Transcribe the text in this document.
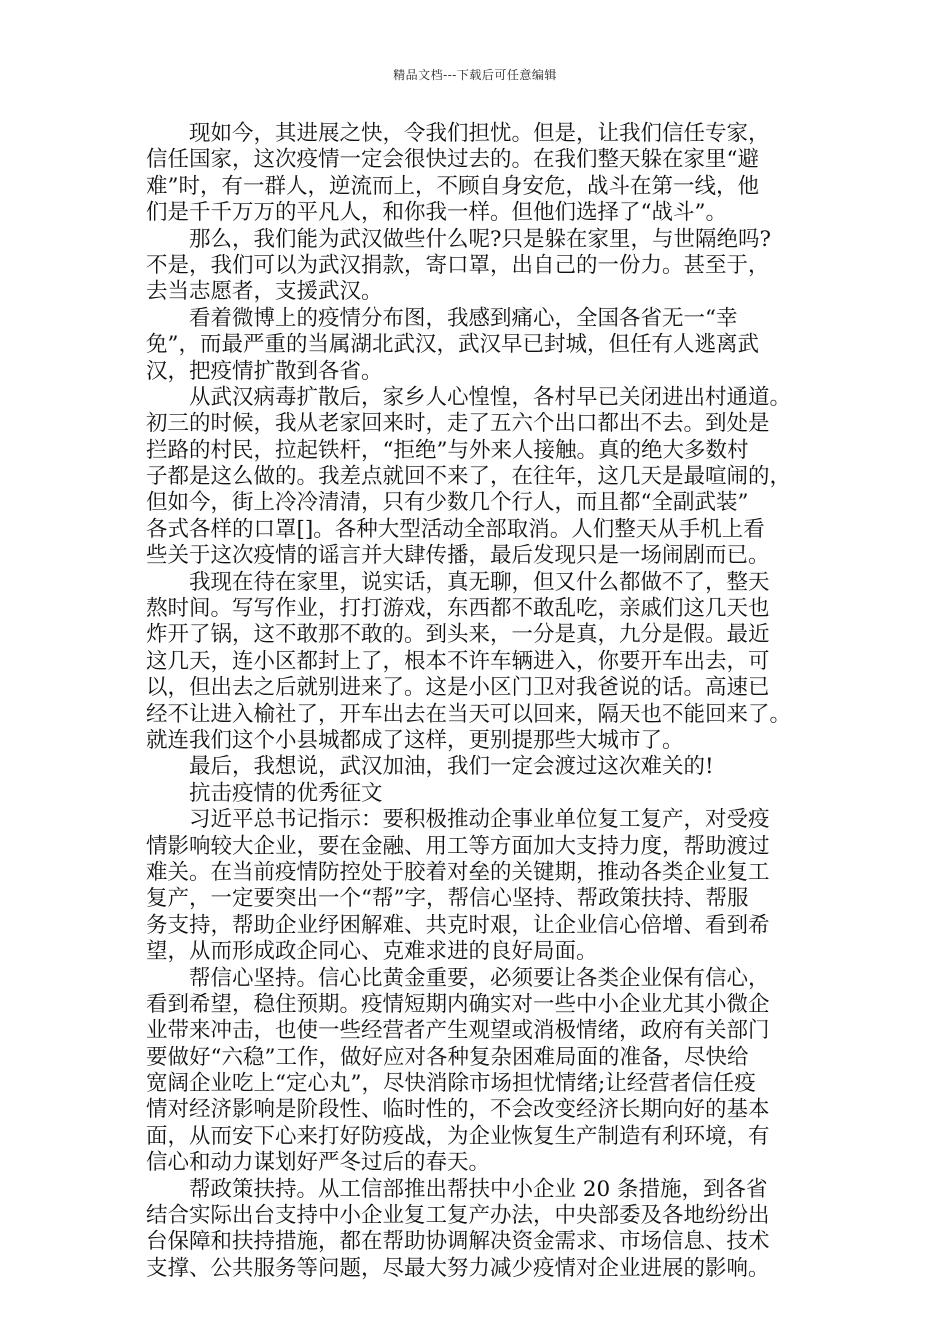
精品文档---下载后可任意编辑
　　现如今，其进展之快，令我们担忧。但是，让我们信任专家，
信任国家，这次疫情一定会很快过去的。在我们整天躲在家里“避
难”时，有一群人，逆流而上，不顾自身安危，战斗在第一线，他
们是千千万万的平凡人，和你我一样。但他们选择了“战斗”。
　　那么，我们能为武汉做些什么呢?只是躲在家里，与世隔绝吗?
不是，我们可以为武汉捐款，寄口罩，出自己的一份力。甚至于，
去当志愿者，支援武汉。
　　看着微博上的疫情分布图，我感到痛心，全国各省无一“幸
免”，而最严重的当属湖北武汉，武汉早已封城，但任有人逃离武
汉，把疫情扩散到各省。
　　从武汉病毒扩散后，家乡人心惶惶，各村早已关闭进出村通道。
初三的时候，我从老家回来时，走了五六个出口都出不去。到处是
拦路的村民，拉起铁杆，“拒绝”与外来人接触。真的绝大多数村
子都是这么做的。我差点就回不来了，在往年，这几天是最喧闹的，
但如今，街上冷冷清清，只有少数几个行人，而且都“全副武装”
各式各样的口罩[]。各种大型活动全部取消。人们整天从手机上看
些关于这次疫情的谣言并大肆传播，最后发现只是一场闹剧而已。
　　我现在待在家里，说实话，真无聊，但又什么都做不了，整天
熬时间。写写作业，打打游戏，东西都不敢乱吃，亲戚们这几天也
炸开了锅，这不敢那不敢的。到头来，一分是真，九分是假。最近
这几天，连小区都封上了，根本不许车辆进入，你要开车出去，可
以，但出去之后就别进来了。这是小区门卫对我爸说的话。高速已
经不让进入榆社了，开车出去在当天可以回来，隔天也不能回来了。
就连我们这个小县城都成了这样，更别提那些大城市了。
　　最后，我想说，武汉加油，我们一定会渡过这次难关的!
　　抗击疫情的优秀征文
　　习近平总书记指示：要积极推动企事业单位复工复产，对受疫
情影响较大企业，要在金融、用工等方面加大支持力度，帮助渡过
难关。在当前疫情防控处于胶着对垒的关键期，推动各类企业复工
复产，一定要突出一个“帮”字，帮信心坚持、帮政策扶持、帮服
务支持，帮助企业纾困解难、共克时艰，让企业信心倍增、看到希
望，从而形成政企同心、克难求进的良好局面。
　　帮信心坚持。信心比黄金重要，必须要让各类企业保有信心，
看到希望，稳住预期。疫情短期内确实对一些中小企业尤其小微企
业带来冲击，也使一些经营者产生观望或消极情绪，政府有关部门
要做好“六稳”工作，做好应对各种复杂困难局面的准备，尽快给
宽阔企业吃上“定心丸”，尽快消除市场担忧情绪;让经营者信任疫
情对经济影响是阶段性、临时性的，不会改变经济长期向好的基本
面，从而安下心来打好防疫战，为企业恢复生产制造有利环境，有
信心和动力谋划好严冬过后的春天。
　　帮政策扶持。从工信部推出帮扶中小企业 20 条措施，到各省
结合实际出台支持中小企业复工复产办法，中央部委及各地纷纷出
台保障和扶持措施，都在帮助协调解决资金需求、市场信息、技术
支撑、公共服务等问题，尽最大努力减少疫情对企业进展的影响。
